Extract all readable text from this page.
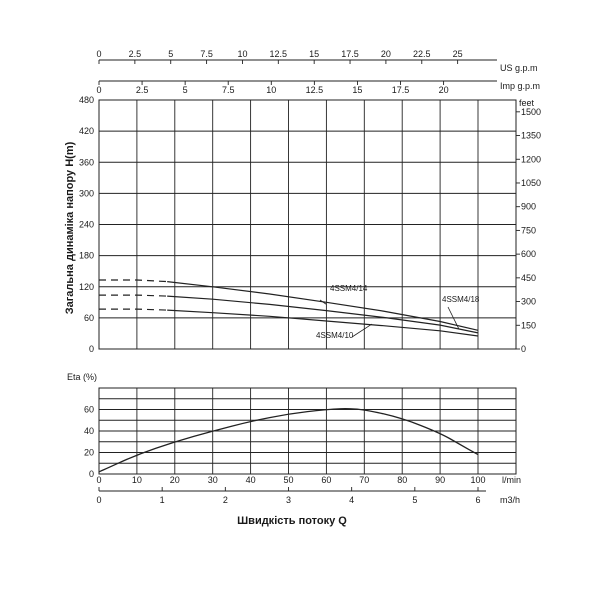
US g.p.m
Imp g.p.m
0	2.5	5	7.5	10 12.5 15 17.5 20 22.5 25
0	2.5	5	7.5	10	12.5	15	17.5	20
0
60
120
180
240
300
360
420
480
0
150
300
450
600
750
900
1050
1200
1350
1500
feet
Загальна динаміка напору H(m)	4SSM4/14
4SSM4/18
4SSM4/10
Eta (%)
0
20
40
60
0	10	20	30	40	50	60	70	80	90	100 l/min
0	1	2	3	4	5	6 m3/h
Швидкість потоку Q
